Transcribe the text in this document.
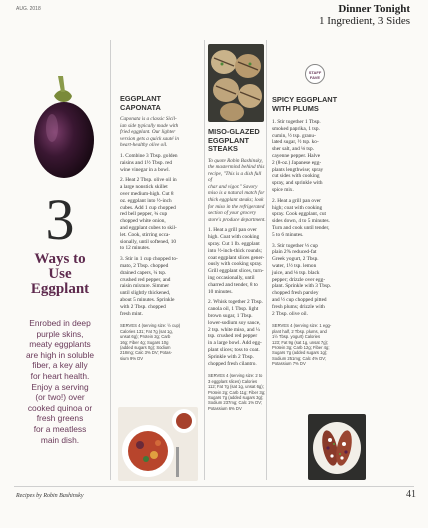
AUG. 2018	Dinner Tonight
1 Ingredient, 3 Sides
3
Ways to
Use
Eggplant
Enrobed in deep
purple skins,
meaty eggplants
are high in soluble
fiber, a key ally
for heart health.
Enjoy a serving
(or two!) over
cooked quinoa or
fresh greens
for a meatless
main dish.
EGGPLANT
CAPONATA
Caponata is a classic Sicil-
ian side typically made with
fried eggplant. Our lighter
version gets a quick sauté in
heart-healthy olive oil.
1. Combine 3 Tbsp. golden
raisins and 1½ Tbsp. red
wine vinegar in a bowl.
2. Heat 2 Tbsp. olive oil in
a large nonstick skillet
over medium-high. Cut 8
oz. eggplant into ½-inch
cubes. Add 1 cup chopped
red bell pepper, ¾ cup
chopped white onion,
and eggplant cubes to skil-
let. Cook, stirring occa-
sionally, until softened, 10
to 12 minutes.
3. Stir in 1 cup chopped to-
mato, 2 Tbsp. chopped
drained capers, ¼ tsp.
crushed red pepper, and
raisin mixture. Simmer
until slightly thickened,
about 5 minutes. Sprinkle
with 2 Tbsp. chopped
fresh mint.
SERVES 4 (serving size: ½ cup)
Calories 131; Fat 7g (sat 1g,
unsat 6g); Protein 2g; Carb
16g; Fiber 4g; Sugars 10g
(added sugars 0g); Sodium
218mg; Calc 3% DV; Potas-
sium 9% DV
MISO-GLAZED
EGGPLANT
STEAKS
To quote Robin Bashinsky,
the mastermind behind this
recipe, "This is a dish full of
char and vigor." Savory
miso is a natural match for
thick eggplant steaks; look
for miso in the refrigerated
section of your grocery
store's produce department.
1. Heat a grill pan over
high. Coat with cooking
spray. Cut 1 lb. eggplant
into ½-inch-thick rounds;
coat eggplant slices gener-
ously with cooking spray.
Grill eggplant slices, turn-
ing occasionally, until
charred and tender, 8 to
10 minutes.
2. Whisk together 2 Tbsp.
canola oil, 1 Tbsp. light
brown sugar, 1 Tbsp.
lower-sodium soy sauce,
2 tsp. white miso, and ¼
tsp. crushed red pepper
in a large bowl. Add egg-
plant slices; toss to coat.
Sprinkle with 2 Tbsp.
chopped fresh cilantro.
SERVES 4 (serving size: 2 to
3 eggplant slices) Calories
112; Fat 7g (sat 1g, unsat 6g);
Protein 2g; Carb 11g; Fiber 3g;
Sugars 7g (added sugars 3g);
Sodium 237mg; Calc 1% DV;
Potassium 6% DV
STAFF
FAVE
SPICY EGGPLANT
WITH PLUMS
1. Stir together 1 Tbsp.
smoked paprika, 1 tsp.
cumin, ½ tsp. granu-
lated sugar, ½ tsp. ko-
sher salt, and ⅛ tsp.
cayenne pepper. Halve
2 (8-oz.) Japanese egg-
plants lengthwise; spray
cut sides with cooking
spray, and sprinkle with
spice mix.
2. Heat a grill pan over
high; coat with cooking
spray. Cook eggplant, cut
sides down, 4 to 5 minutes.
Turn and cook until tender,
5 to 6 minutes.
3. Stir together ⅓ cup
plain 2% reduced-fat
Greek yogurt, 2 Tbsp.
water, 1½ tsp. lemon
juice, and ⅛ tsp. black
pepper; drizzle over egg-
plant. Sprinkle with 3 Tbsp.
chopped fresh parsley
and ½ cup chopped pitted
fresh plums; drizzle with
2 Tbsp. olive oil.
SERVES 4 (serving size: 1 egg-
plant half, 2 Tbsp. plums, and
1½ Tbsp. yogurt) Calories
123; Fat 9g (sat 1g, unsat 7g);
Protein 3g; Carb 12g; Fiber 4g;
Sugars 7g (added sugars 1g);
Sodium 251mg; Calc 4% DV;
Potassium 7% DV
Recipes by Robin Bashinsky	41
